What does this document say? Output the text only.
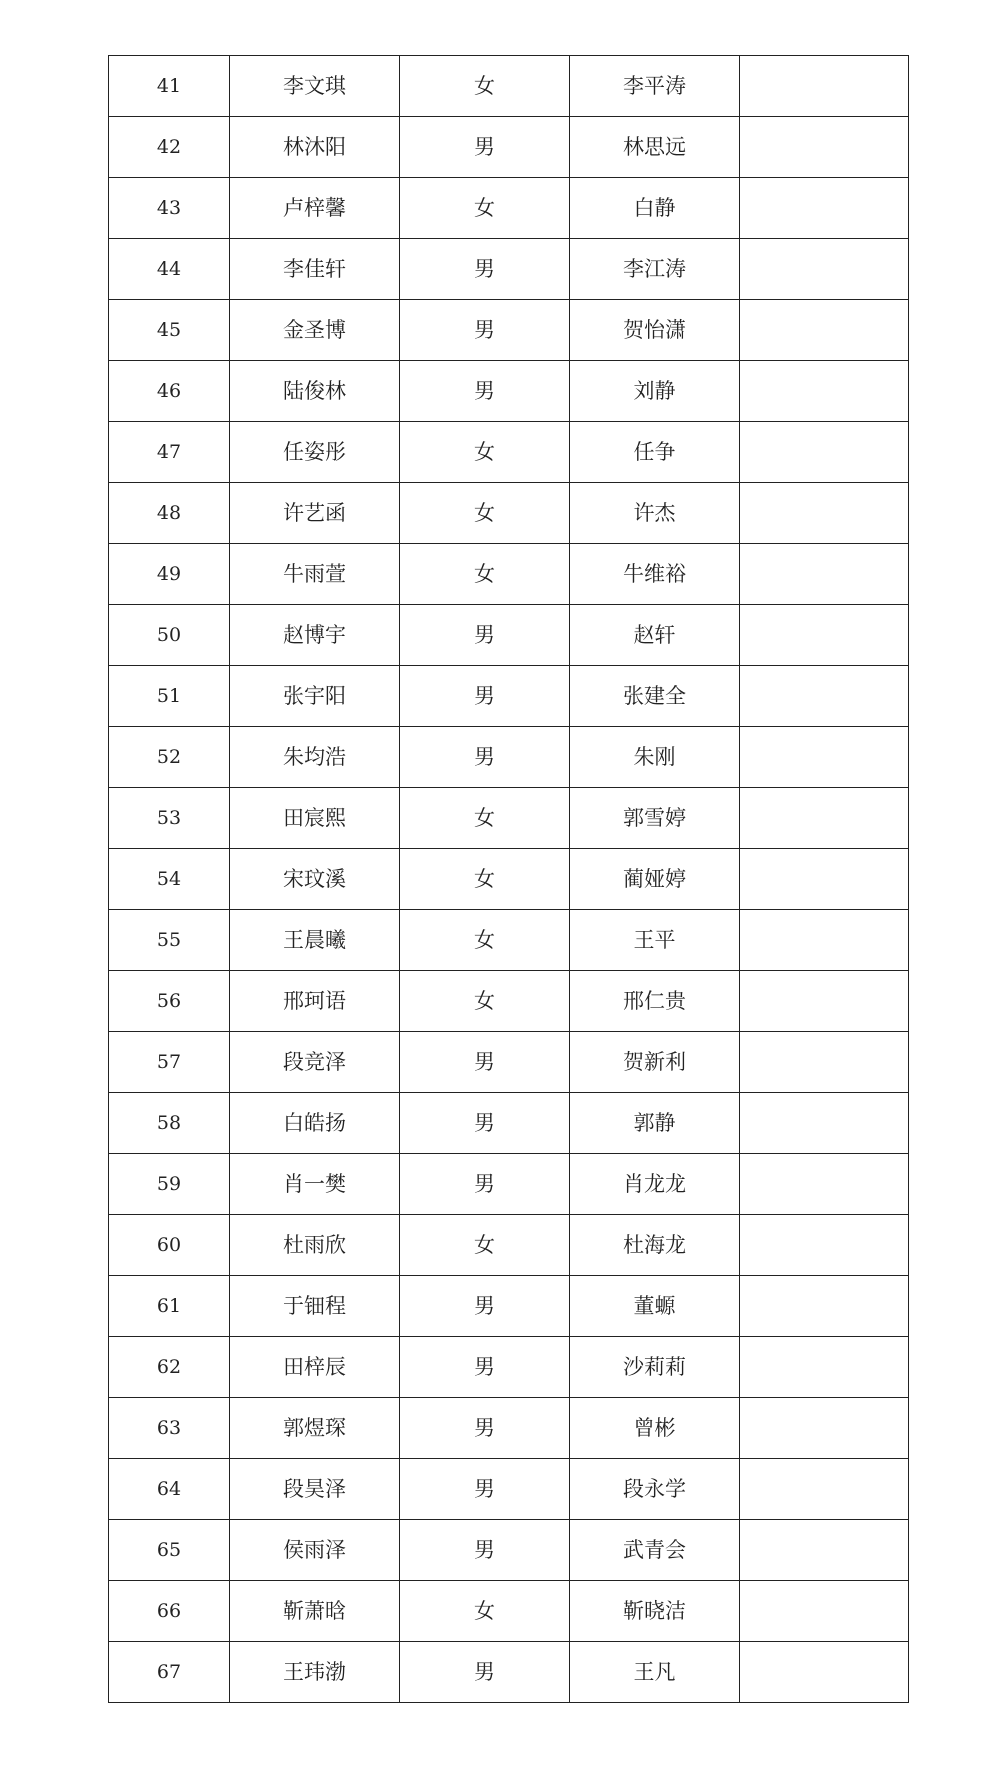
41	李文琪	女	李平涛	
42	林沐阳	男	林思远	
43	卢梓馨	女	白静	
44	李佳轩	男	李江涛	
45	金圣博	男	贺怡潇	
46	陆俊林	男	刘静	
47	任姿彤	女	任争	
48	许艺函	女	许杰	
49	牛雨萱	女	牛维裕	
50	赵博宇	男	赵轩	
51	张宇阳	男	张建全	
52	朱均浩	男	朱刚	
53	田宸熙	女	郭雪婷	
54	宋玟溪	女	蔺娅婷	
55	王晨曦	女	王平	
56	邢珂语	女	邢仁贵	
57	段竞泽	男	贺新利	
58	白皓扬	男	郭静	
59	肖一樊	男	肖龙龙	
60	杜雨欣	女	杜海龙	
61	于钿程	男	董螈	
62	田梓辰	男	沙莉莉	
63	郭煜琛	男	曾彬	
64	段昊泽	男	段永学	
65	侯雨泽	男	武青会	
66	靳萧晗	女	靳晓洁	
67	王玮渤	男	王凡	
